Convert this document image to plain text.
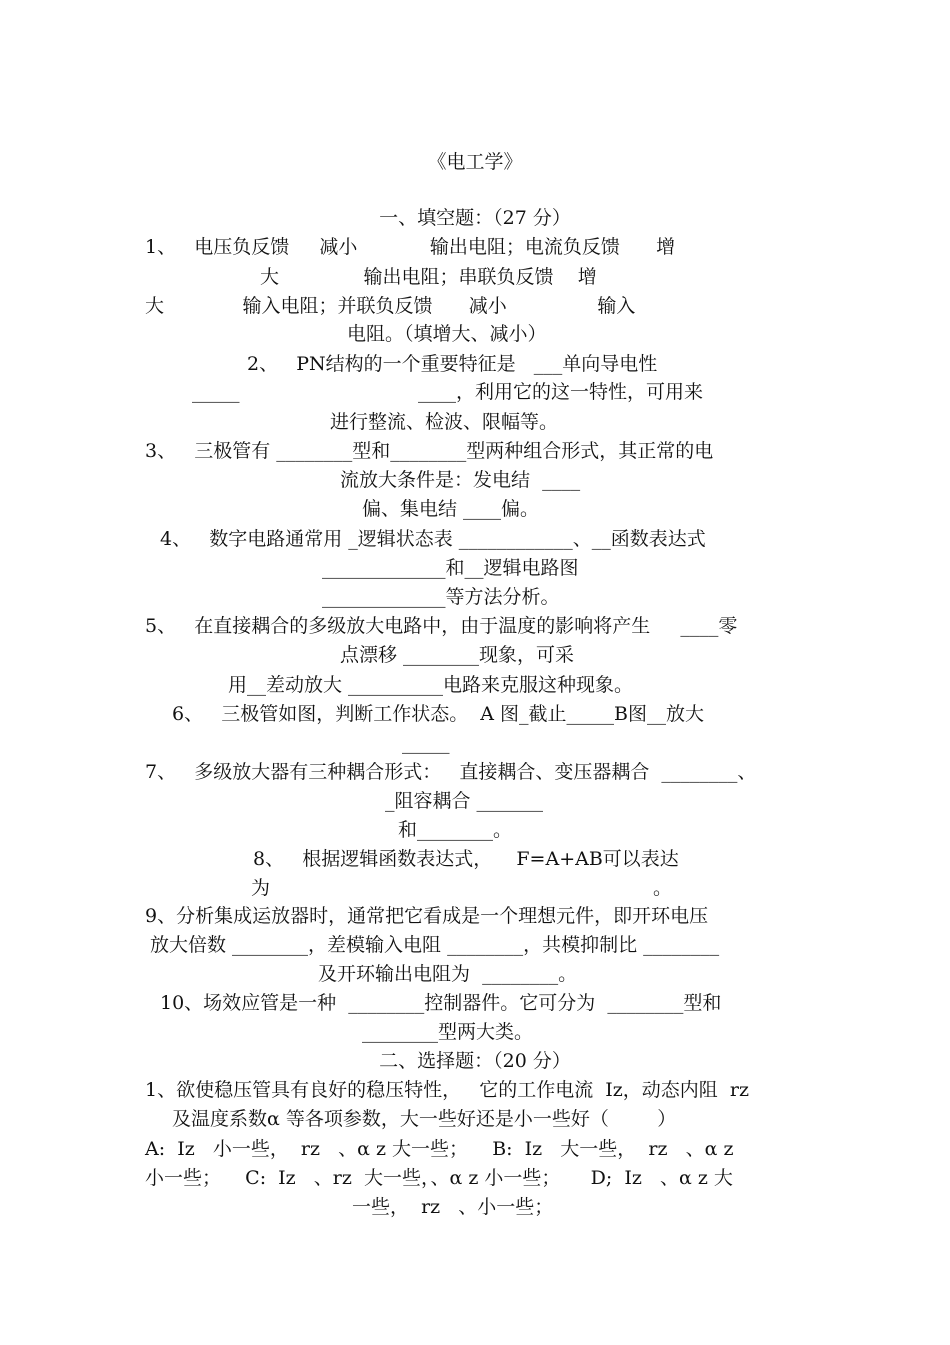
《电工学》
一、填空题：（27 分）
1、   电压负反馈     减小            输出电阻；电流负反馈      增
大              输出电阻；串联负反馈    增
大             输入电阻；并联负反馈      减小               输入
电阻。（填增大、减小）
2、   PN结构的一个重要特征是   ___单向导电性
_____	____，利用它的这一特性，可用来
进行整流、检波、限幅等。
3、   三极管有 ________型和________型两种组合形式，其正常的电
流放大条件是：发电结  ____
偏、集电结 ____偏。
4、   数字电路通常用 _逻辑状态表 ____________、__函数表达式
_____________和__逻辑电路图
_____________等方法分析。
5、   在直接耦合的多级放大电路中，由于温度的影响将产生     ____零
点漂移 ________现象，可采
用__差动放大 __________电路来克服这种现象。
6、   三极管如图，判断工作状态。  A 图_截止_____B图__放大
_____
7、   多级放大器有三种耦合形式：   直接耦合、变压器耦合  ________、
_阻容耦合 _______
和________。
8、   根据逻辑函数表达式，    F=A+AB可以表达
为	。
9、分析集成运放器时，通常把它看成是一个理想元件，即开环电压
放大倍数 ________，差模输入电阻 ________，共模抑制比 ________
及开环输出电阻为  ________。
10、场效应管是一种  ________控制器件。它可分为  ________型和
________型两大类。
二、选择题：（20 分）
1、欲使稳压管具有良好的稳压特性，   它的工作电流  Iz，动态内阻  rz
及温度系数α 等各项参数，大一些好还是小一些好（        ）
A:  Iz   小一些，  rz   、α z 大一些；    B:  Iz   大一些，  rz   、α z
小一些；    C:  Iz   、rz  大一些，、α z 小一些；     D;  Iz   、α z 大
一些，  rz   、小一些；
